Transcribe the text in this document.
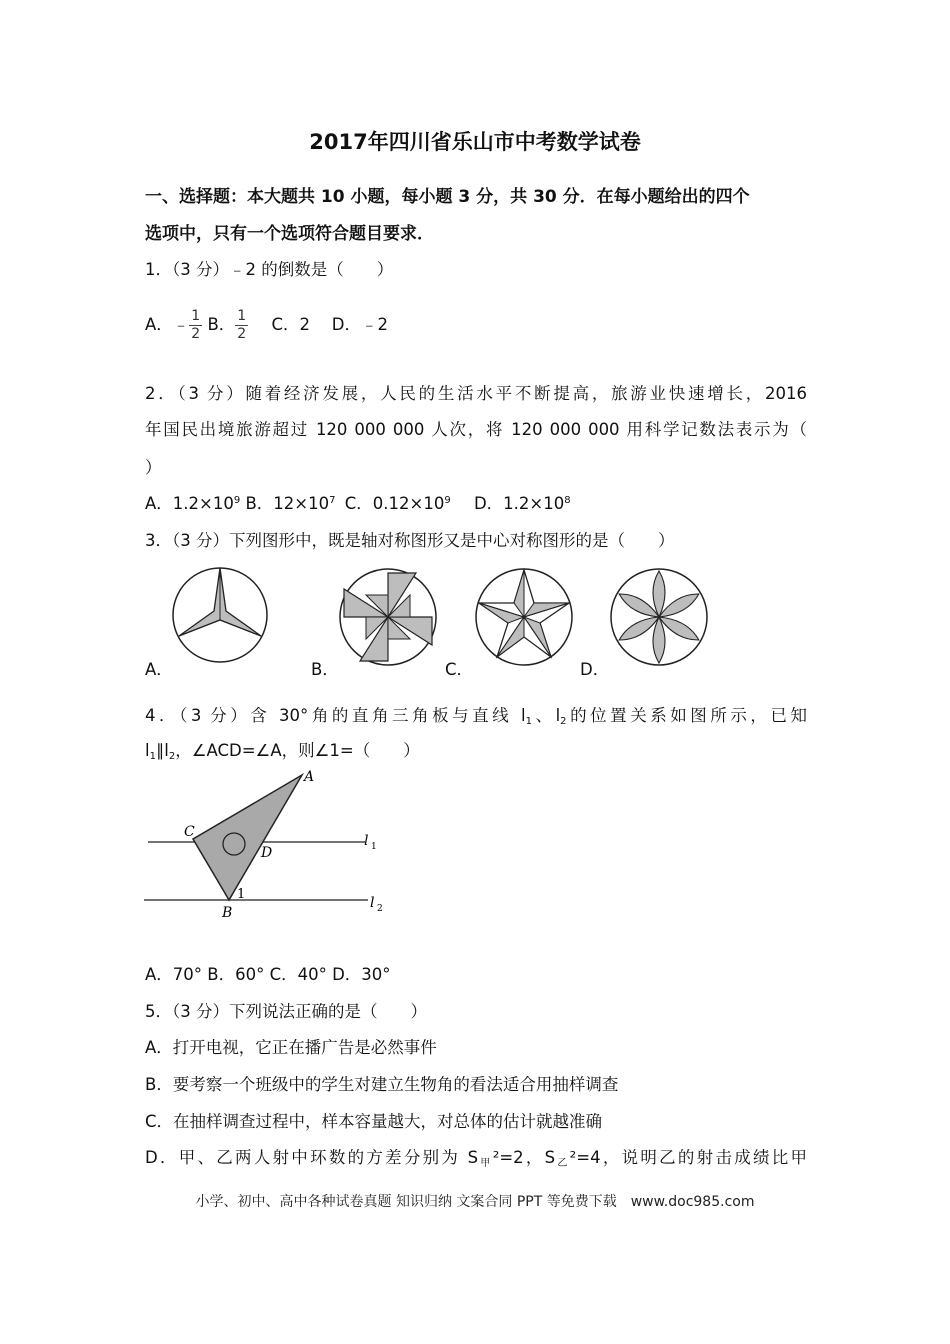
2017年四川省乐山市中考数学试卷
一、选择题：本大题共 10 小题，每小题 3 分，共 30 分．在每小题给出的四个
选项中，只有一个选项符合题目要求．
1．（3 分）﹣2 的倒数是（　　）
A．﹣ $\frac{1}{2}$ B． $\frac{1}{2}$ C．2　 D．﹣2
2．（3 分）随着经济发展，人民的生活水平不断提高，旅游业快速增长，2016
年国民出境旅游超过 120 000 000 人次，将 120 000 000 用科学记数法表示为（
）
A．$1.2\times 10^9$ B．$12\times 10^7$ C．$0.12\times 10^9$ D．$1.2\times 10^8$
3．（3 分）下列图形中，既是轴对称图形又是中心对称图形的是（　　）
A．	B．	C．	D．
4．（3 分）含 30°角的直角三角板与直线 $l_1$、$l_2$的位置关系如图所示，已知
$l_1\parallel l_2$，∠ACD=∠A，则∠1=（　　）
A
C
D
B
1
l 1
l 2
A．70° B．60° C．40° D．30°
5．（3 分）下列说法正确的是（　　）
A．打开电视，它正在播广告是必然事件
B．要考察一个班级中的学生对建立生物角的看法适合用抽样调查
C．在抽样调查过程中，样本容量越大，对总体的估计就越准确
D．甲、乙两人射中环数的方差分别为 $S_甲^2=2$，$S_乙^2=4$，说明乙的射击成绩比甲
小学、初中、高中各种试卷真题 知识归纳 文案合同 PPT 等免费下载　www.doc985.com
